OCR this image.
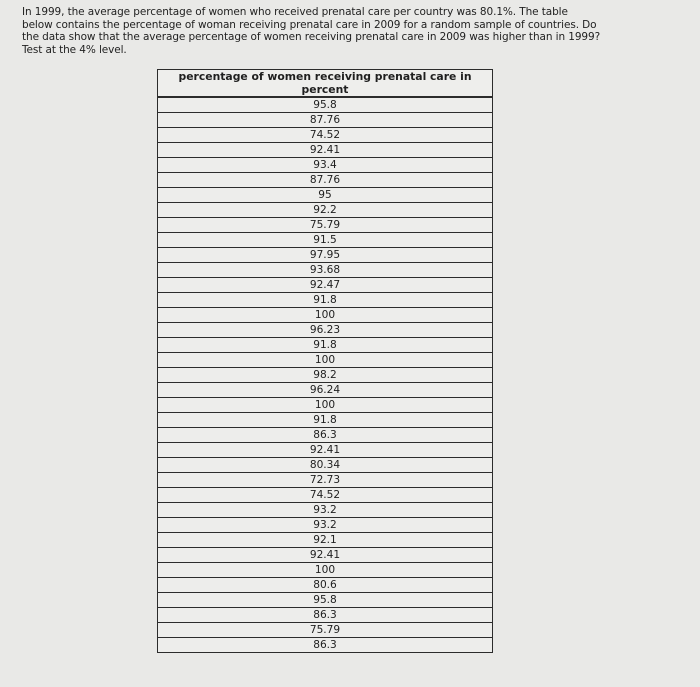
In 1999, the average percentage of women who received prenatal care per country was 80.1%. The table
below contains the percentage of woman receiving prenatal care in 2009 for a random sample of countries. Do
the data show that the average percentage of women receiving prenatal care in 2009 was higher than in 1999?
Test at the 4% level.
percentage of women receiving prenatal care in percent
95.8
87.76
74.52
92.41
93.4
87.76
95
92.2
75.79
91.5
97.95
93.68
92.47
91.8
100
96.23
91.8
100
98.2
96.24
100
91.8
86.3
92.41
80.34
72.73
74.52
93.2
93.2
92.1
92.41
100
80.6
95.8
86.3
75.79
86.3
